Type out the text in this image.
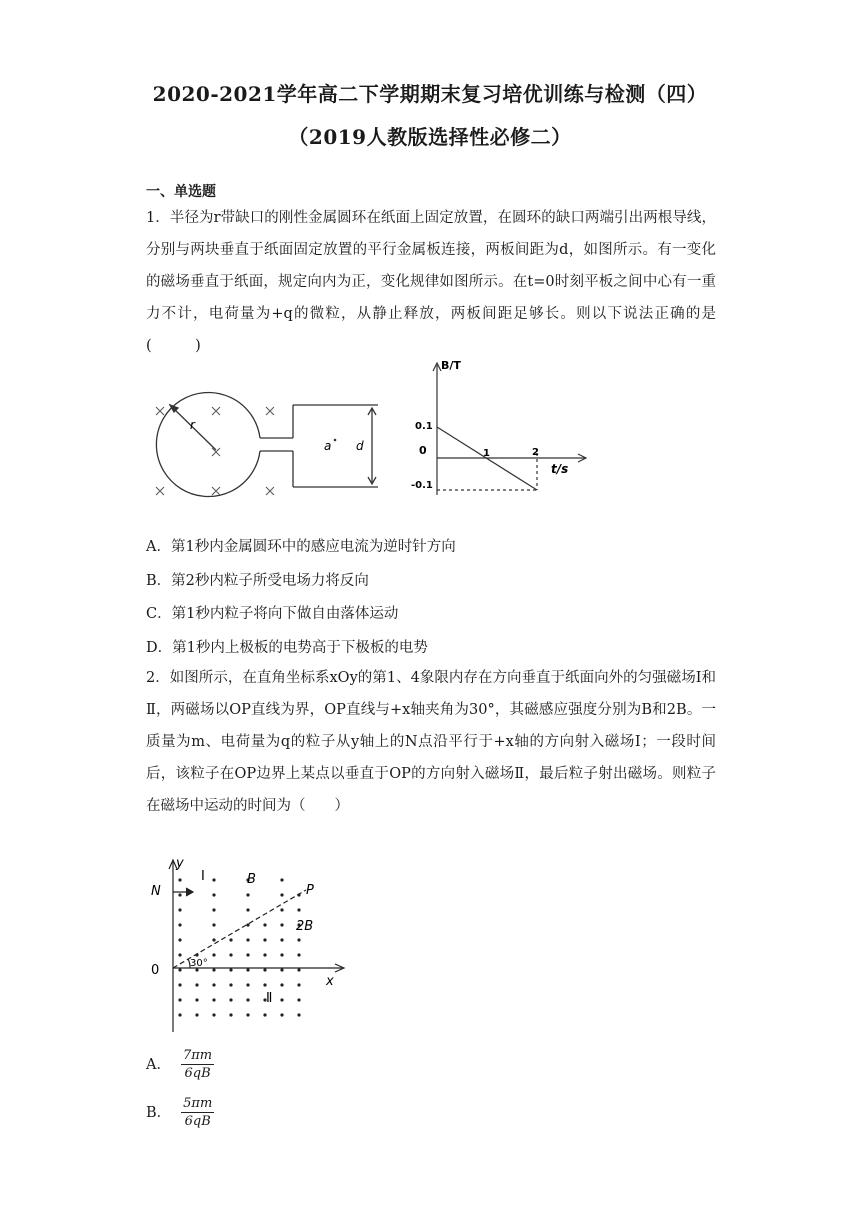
2020-2021学年高二下学期期末复习培优训练与检测（四）
（2019人教版选择性必修二）
一、单选题
1．半径为r带缺口的刚性金属圆环在纸面上固定放置，在圆环的缺口两端引出两根导线，分别与两块垂直于纸面固定放置的平行金属板连接，两板间距为d，如图所示。有一变化的磁场垂直于纸面，规定向内为正，变化规律如图所示。在t=0时刻平板之间中心有一重力不计，电荷量为+q的微粒，从静止释放，两板间距足够长。则以下说法正确的是(　　　)
r
d
a
B/T
0.1
0
-0.1
1	2
t/s
A．第1秒内金属圆环中的感应电流为逆时针方向
B．第2秒内粒子所受电场力将反向
C．第1秒内粒子将向下做自由落体运动
D．第1秒内上极板的电势高于下极板的电势
2．如图所示，在直角坐标系xOy的第1、4象限内存在方向垂直于纸面向外的匀强磁场Ⅰ和Ⅱ，两磁场以OP直线为界，OP直线与+x轴夹角为30°，其磁感应强度分别为B和2B。一质量为m、电荷量为q的粒子从y轴上的N点沿平行于+x轴的方向射入磁场Ⅰ；一段时间后，该粒子在OP边界上某点以垂直于OP的方向射入磁场Ⅱ，最后粒子射出磁场。则粒子在磁场中运动的时间为（　　）
y
x
0
N	P
I
Ⅱ
B
2B
30°
A． $\frac{7\pi m}{6qB}$
B． $\frac{5\pi m}{6qB}$
